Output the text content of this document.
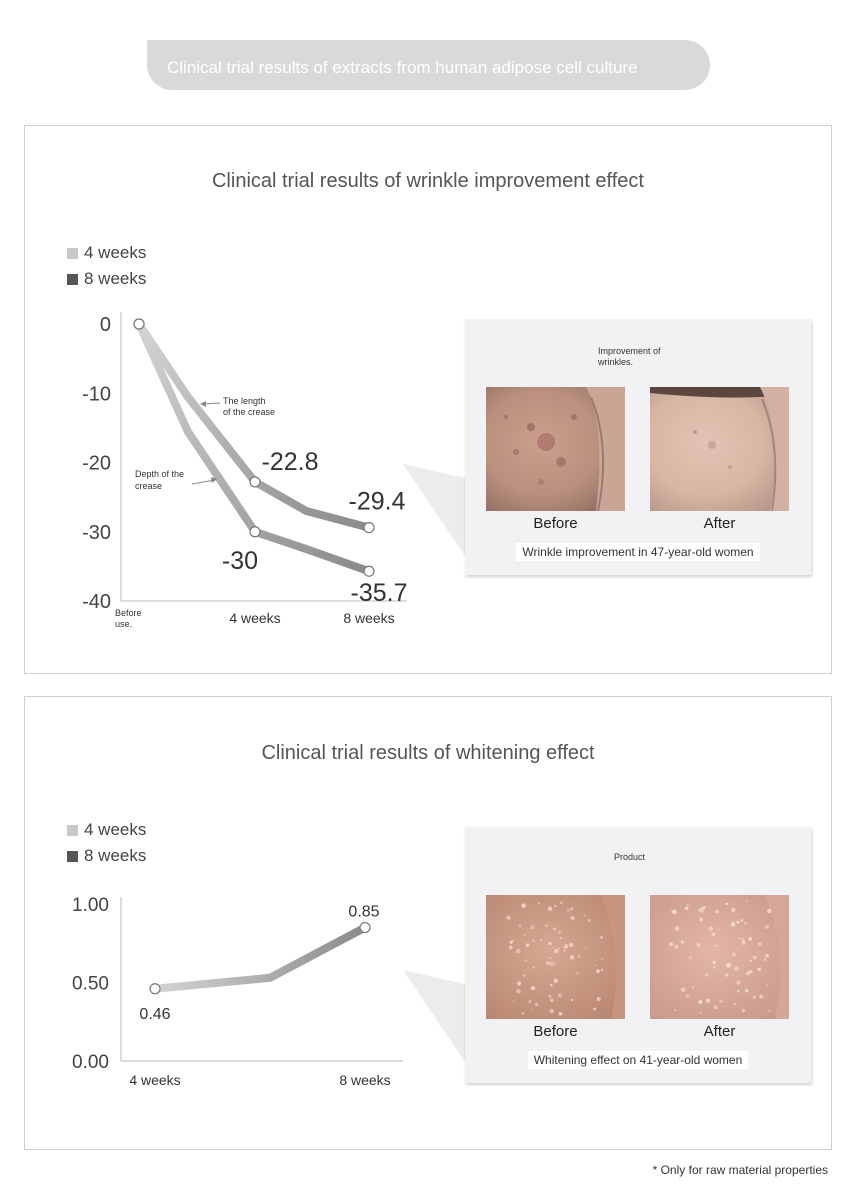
Clinical trial results of extracts from human adipose cell culture
Clinical trial results of wrinkle improvement effect
4 weeks
8 weeks
0
-10
-20
-30
-40 Before
use.	4 weeks	8 weeks
-22.8
-29.4
-30
-35.7
The length of the crease
Depth of the crease
Improvement of wrinkles.
Before	After
Wrinkle improvement in 47-year-old women
Clinical trial results of whitening effect
4 weeks
8 weeks
1.00
0.50
0.00
4 weeks	8 weeks
0.46
0.85
Product
Before	After
Whitening effect on 41-year-old women
* Only for raw material properties
